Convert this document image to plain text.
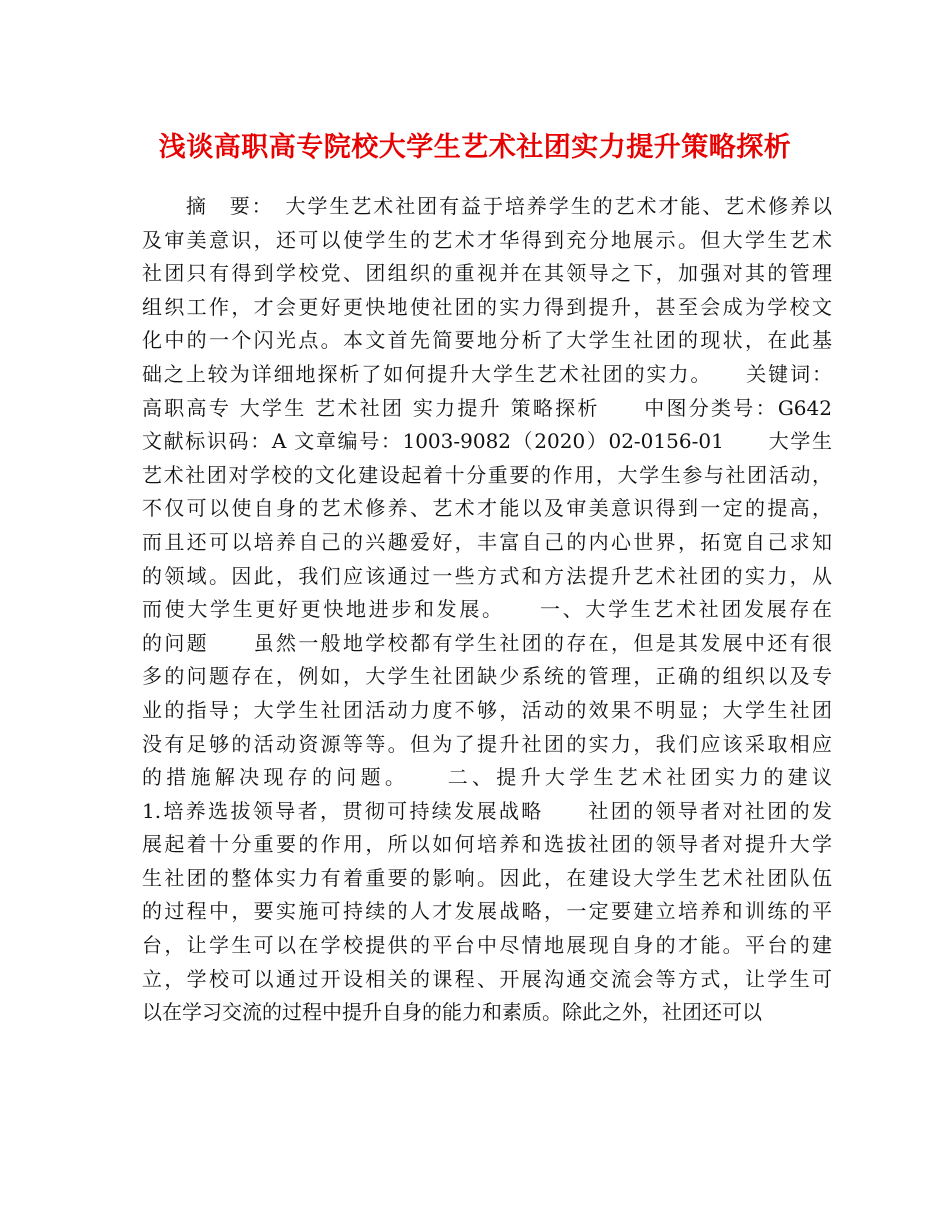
浅谈高职高专院校大学生艺术社团实力提升策略探析
　　摘　要：　大学生艺术社团有益于培养学生的艺术才能、艺术修养以
及审美意识，还可以使学生的艺术才华得到充分地展示。但大学生艺术
社团只有得到学校党、团组织的重视并在其领导之下，加强对其的管理
组织工作，才会更好更快地使社团的实力得到提升，甚至会成为学校文
化中的一个闪光点。本文首先简要地分析了大学生社团的现状，在此基
础之上较为详细地探析了如何提升大学生艺术社团的实力。　　关键词：
高职高专 大学生 艺术社团 实力提升 策略探析　　中图分类号：G642
文献标识码：A 文章编号：1003-9082（2020）02-0156-01　　大学生
艺术社团对学校的文化建设起着十分重要的作用，大学生参与社团活动，
不仅可以使自身的艺术修养、艺术才能以及审美意识得到一定的提高，
而且还可以培养自己的兴趣爱好，丰富自己的内心世界，拓宽自己求知
的领域。因此，我们应该通过一些方式和方法提升艺术社团的实力，从
而使大学生更好更快地进步和发展。　　一、大学生艺术社团发展存在
的问题　　虽然一般地学校都有学生社团的存在，但是其发展中还有很
多的问题存在，例如，大学生社团缺少系统的管理，正确的组织以及专
业的指导；大学生社团活动力度不够，活动的效果不明显；大学生社团
没有足够的活动资源等等。但为了提升社团的实力，我们应该采取相应
的措施解决现存的问题。　　二、提升大学生艺术社团实力的建议
1.培养选拔领导者，贯彻可持续发展战略　　社团的领导者对社团的发
展起着十分重要的作用，所以如何培养和选拔社团的领导者对提升大学
生社团的整体实力有着重要的影响。因此，在建设大学生艺术社团队伍
的过程中，要实施可持续的人才发展战略，一定要建立培养和训练的平
台，让学生可以在学校提供的平台中尽情地展现自身的才能。平台的建
立，学校可以通过开设相关的课程、开展沟通交流会等方式，让学生可
以在学习交流的过程中提升自身的能力和素质。除此之外，社团还可以
